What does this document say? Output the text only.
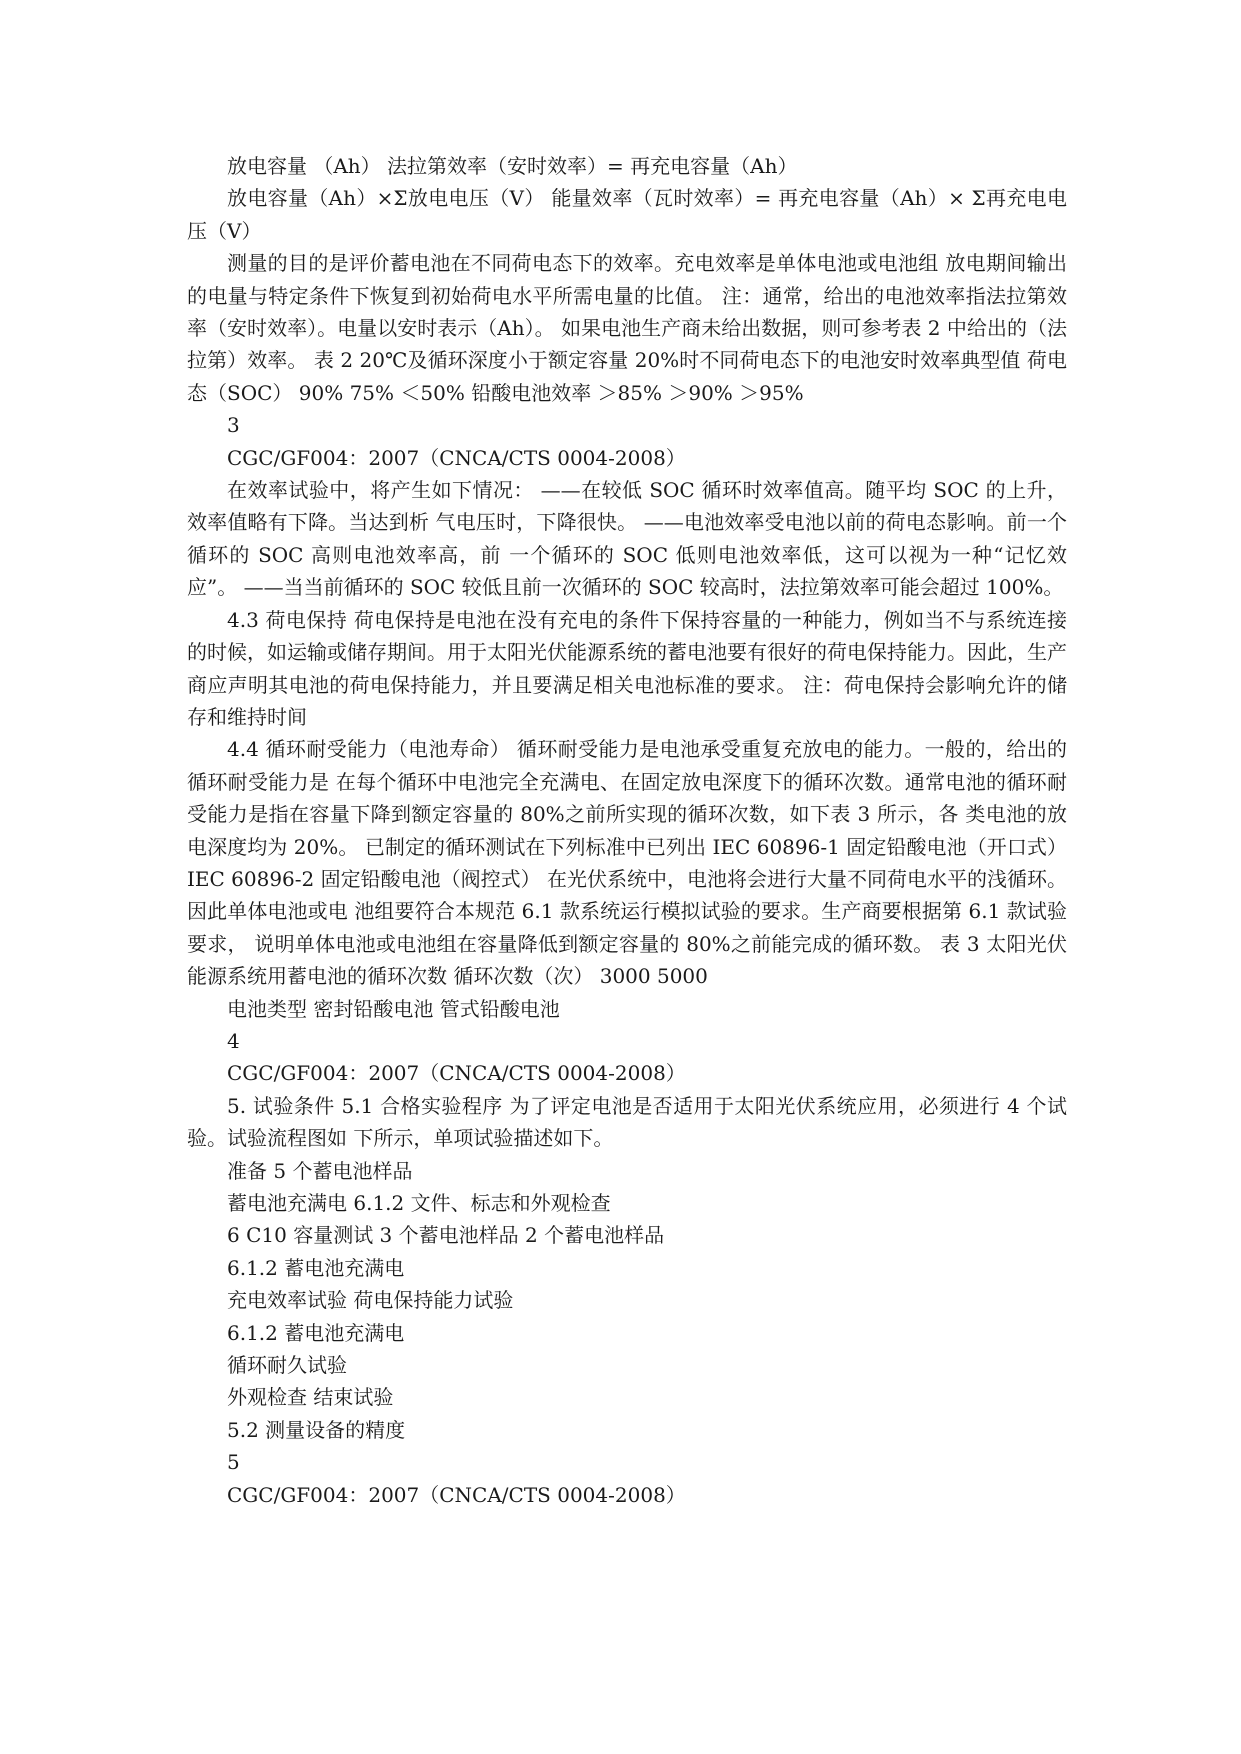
放电容量 （Ah） 法拉第效率（安时效率）= 再充电容量（Ah）

放电容量（Ah）×Σ放电电压（V） 能量效率（瓦时效率）= 再充电容量（Ah）× Σ再充电电压（V）

测量的目的是评价蓄电池在不同荷电态下的效率。充电效率是单体电池或电池组 放电期间输出的电量与特定条件下恢复到初始荷电水平所需电量的比值。 注：通常，给出的电池效率指法拉第效率（安时效率）。电量以安时表示（Ah）。 如果电池生产商未给出数据，则可参考表 2 中给出的（法拉第）效率。 表 2 20℃及循环深度小于额定容量 20%时不同荷电态下的电池安时效率典型值 荷电态（SOC） 90% 75% ＜50% 铅酸电池效率 ＞85% ＞90% ＞95%

3

CGC/GF004：2007（CNCA/CTS 0004-2008）

在效率试验中，将产生如下情况： ——在较低 SOC 循环时效率值高。随平均 SOC 的上升，效率值略有下降。当达到析 气电压时，下降很快。 ——电池效率受电池以前的荷电态影响。前一个循环的 SOC 高则电池效率高，前 一个循环的 SOC 低则电池效率低，这可以视为一种“记忆效应”。 ——当当前循环的 SOC 较低且前一次循环的 SOC 较高时，法拉第效率可能会超过 100%。

4.3 荷电保持 荷电保持是电池在没有充电的条件下保持容量的一种能力，例如当不与系统连接 的时候，如运输或储存期间。用于太阳光伏能源系统的蓄电池要有很好的荷电保持能力。因此，生产商应声明其电池的荷电保持能力，并且要满足相关电池标准的要求。 注：荷电保持会影响允许的储存和维持时间

4.4 循环耐受能力（电池寿命） 循环耐受能力是电池承受重复充放电的能力。一般的，给出的循环耐受能力是 在每个循环中电池完全充满电、在固定放电深度下的循环次数。通常电池的循环耐 受能力是指在容量下降到额定容量的 80%之前所实现的循环次数，如下表 3 所示，各 类电池的放电深度均为 20%。 已制定的循环测试在下列标准中已列出 IEC 60896-1 固定铅酸电池（开口式） IEC 60896-2 固定铅酸电池（阀控式） 在光伏系统中，电池将会进行大量不同荷电水平的浅循环。因此单体电池或电 池组要符合本规范 6.1 款系统运行模拟试验的要求。生产商要根据第 6.1 款试验要求， 说明单体电池或电池组在容量降低到额定容量的 80%之前能完成的循环数。 表 3 太阳光伏能源系统用蓄电池的循环次数 循环次数（次） 3000 5000

电池类型 密封铅酸电池 管式铅酸电池

4

CGC/GF004：2007（CNCA/CTS 0004-2008）

5. 试验条件 5.1 合格实验程序 为了评定电池是否适用于太阳光伏系统应用，必须进行 4 个试验。试验流程图如 下所示，单项试验描述如下。

准备 5 个蓄电池样品

蓄电池充满电 6.1.2 文件、标志和外观检查

6 C10 容量测试 3 个蓄电池样品 2 个蓄电池样品

6.1.2 蓄电池充满电

充电效率试验 荷电保持能力试验

6.1.2 蓄电池充满电

循环耐久试验

外观检查 结束试验

5.2 测量设备的精度

5

CGC/GF004：2007（CNCA/CTS 0004-2008）
